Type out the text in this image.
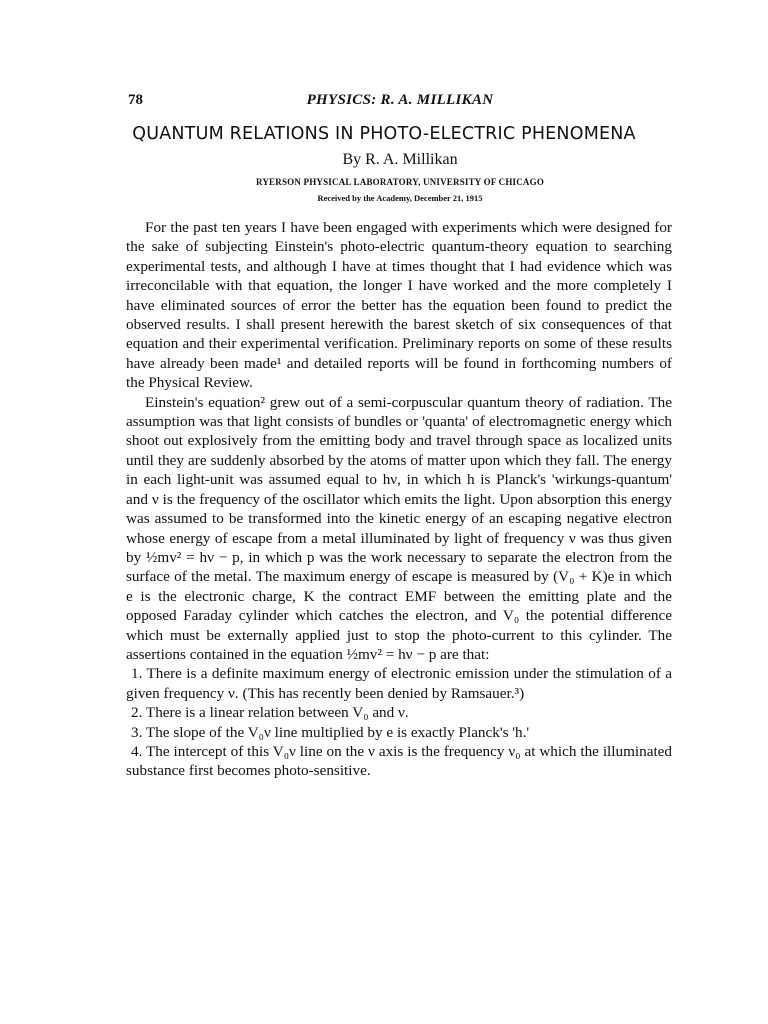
78	PHYSICS: R. A. MILLIKAN
QUANTUM RELATIONS IN PHOTO-ELECTRIC PHENOMENA
By R. A. Millikan
RYERSON PHYSICAL LABORATORY, UNIVERSITY OF CHICAGO
Received by the Academy, December 21, 1915

For the past ten years I have been engaged with experiments which were designed for the sake of subjecting Einstein's photo-electric quantum-theory equation to searching experimental tests, and although I have at times thought that I had evidence which was irreconcilable with that equation, the longer I have worked and the more completely I have eliminated sources of error the better has the equation been found to predict the observed results. I shall present herewith the barest sketch of six consequences of that equation and their experimental verification. Preliminary reports on some of these results have already been made¹ and detailed reports will be found in forthcoming numbers of the Physical Review.

Einstein's equation² grew out of a semi-corpuscular quantum theory of radiation. The assumption was that light consists of bundles or 'quanta' of electromagnetic energy which shoot out explosively from the emitting body and travel through space as localized units until they are suddenly absorbed by the atoms of matter upon which they fall. The energy in each light-unit was assumed equal to hν, in which h is Planck's 'wirkungs-quantum' and ν is the frequency of the oscillator which emits the light. Upon absorption this energy was assumed to be transformed into the kinetic energy of an escaping negative electron whose energy of escape from a metal illuminated by light of frequency ν was thus given by ½mv² = hν − p, in which p was the work necessary to separate the electron from the surface of the metal. The maximum energy of escape is measured by (V₀ + K)e in which e is the electronic charge, K the contract EMF between the emitting plate and the opposed Faraday cylinder which catches the electron, and V₀ the potential difference which must be externally applied just to stop the photo-current to this cylinder. The assertions contained in the equation ½mv² = hν − p are that:

1. There is a definite maximum energy of electronic emission under the stimulation of a given frequency ν. (This has recently been denied by Ramsauer.³)
2. There is a linear relation between V₀ and ν.
3. The slope of the V₀ν line multiplied by e is exactly Planck's 'h.'
4. The intercept of this V₀ν line on the ν axis is the frequency ν₀ at which the illuminated substance first becomes photo-sensitive.
